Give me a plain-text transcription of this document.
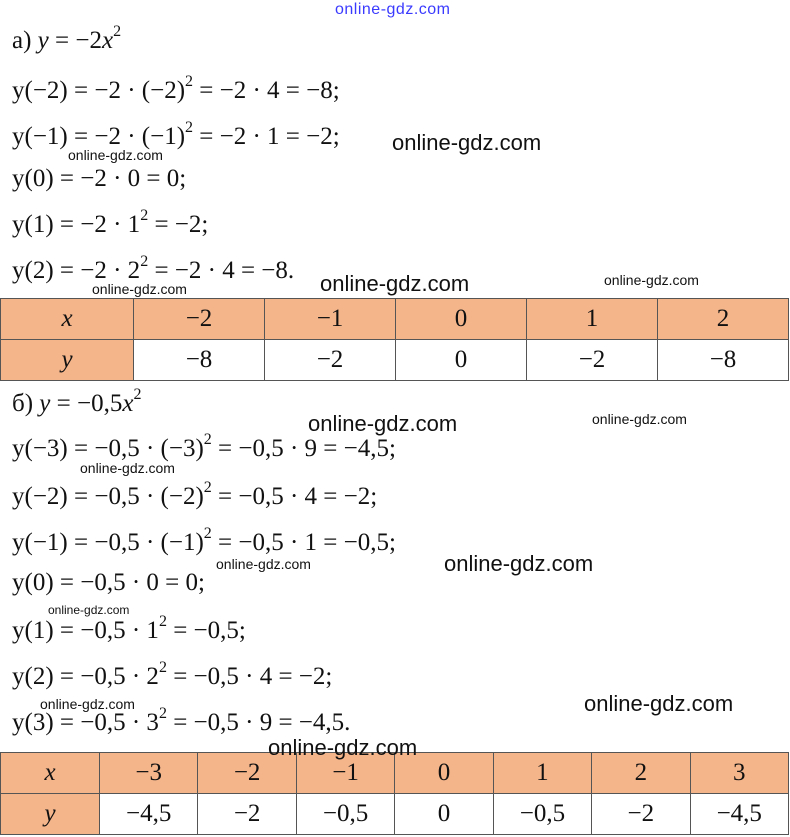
online-gdz.com
а) $y = -2x^2$
$y(-2) = -2 \cdot (-2)^2 = -2 \cdot 4 = -8$;
$y(-1) = -2 \cdot (-1)^2 = -2 \cdot 1 = -2$;
y(0) = −2 · 0 = 0;
$y(1) = -2 \cdot 1^2 = -2$;
$y(2) = -2 \cdot 2^2 = -2 \cdot 4 = -8$.
x	−2	−1	0	1	2
y	−8	−2	0	−2	−8
б) $y = -0,5x^2$
$y(-3) = -0,5 \cdot (-3)^2 = -0,5 \cdot 9 = -4,5$;
$y(-2) = -0,5 \cdot (-2)^2 = -0,5 \cdot 4 = -2$;
$y(-1) = -0,5 \cdot (-1)^2 = -0,5 \cdot 1 = -0,5$;
y(0) = −0,5 · 0 = 0;
$y(1) = -0,5 \cdot 1^2 = -0,5$;
$y(2) = -0,5 \cdot 2^2 = -0,5 \cdot 4 = -2$;
$y(3) = -0,5 \cdot 3^2 = -0,5 \cdot 9 = -4,5$.
x	−3	−2	−1	0	1	2	3
y	−4,5	−2	−0,5	0	−0,5	−2	−4,5
online-gdz.com
online-gdz.com
online-gdz.com
online-gdz.com
online-gdz.com
online-gdz.com	online-gdz.com
online-gdz.com
online-gdz.com	online-gdz.com
online-gdz.com
online-gdz.com	online-gdz.com
online-gdz.com
